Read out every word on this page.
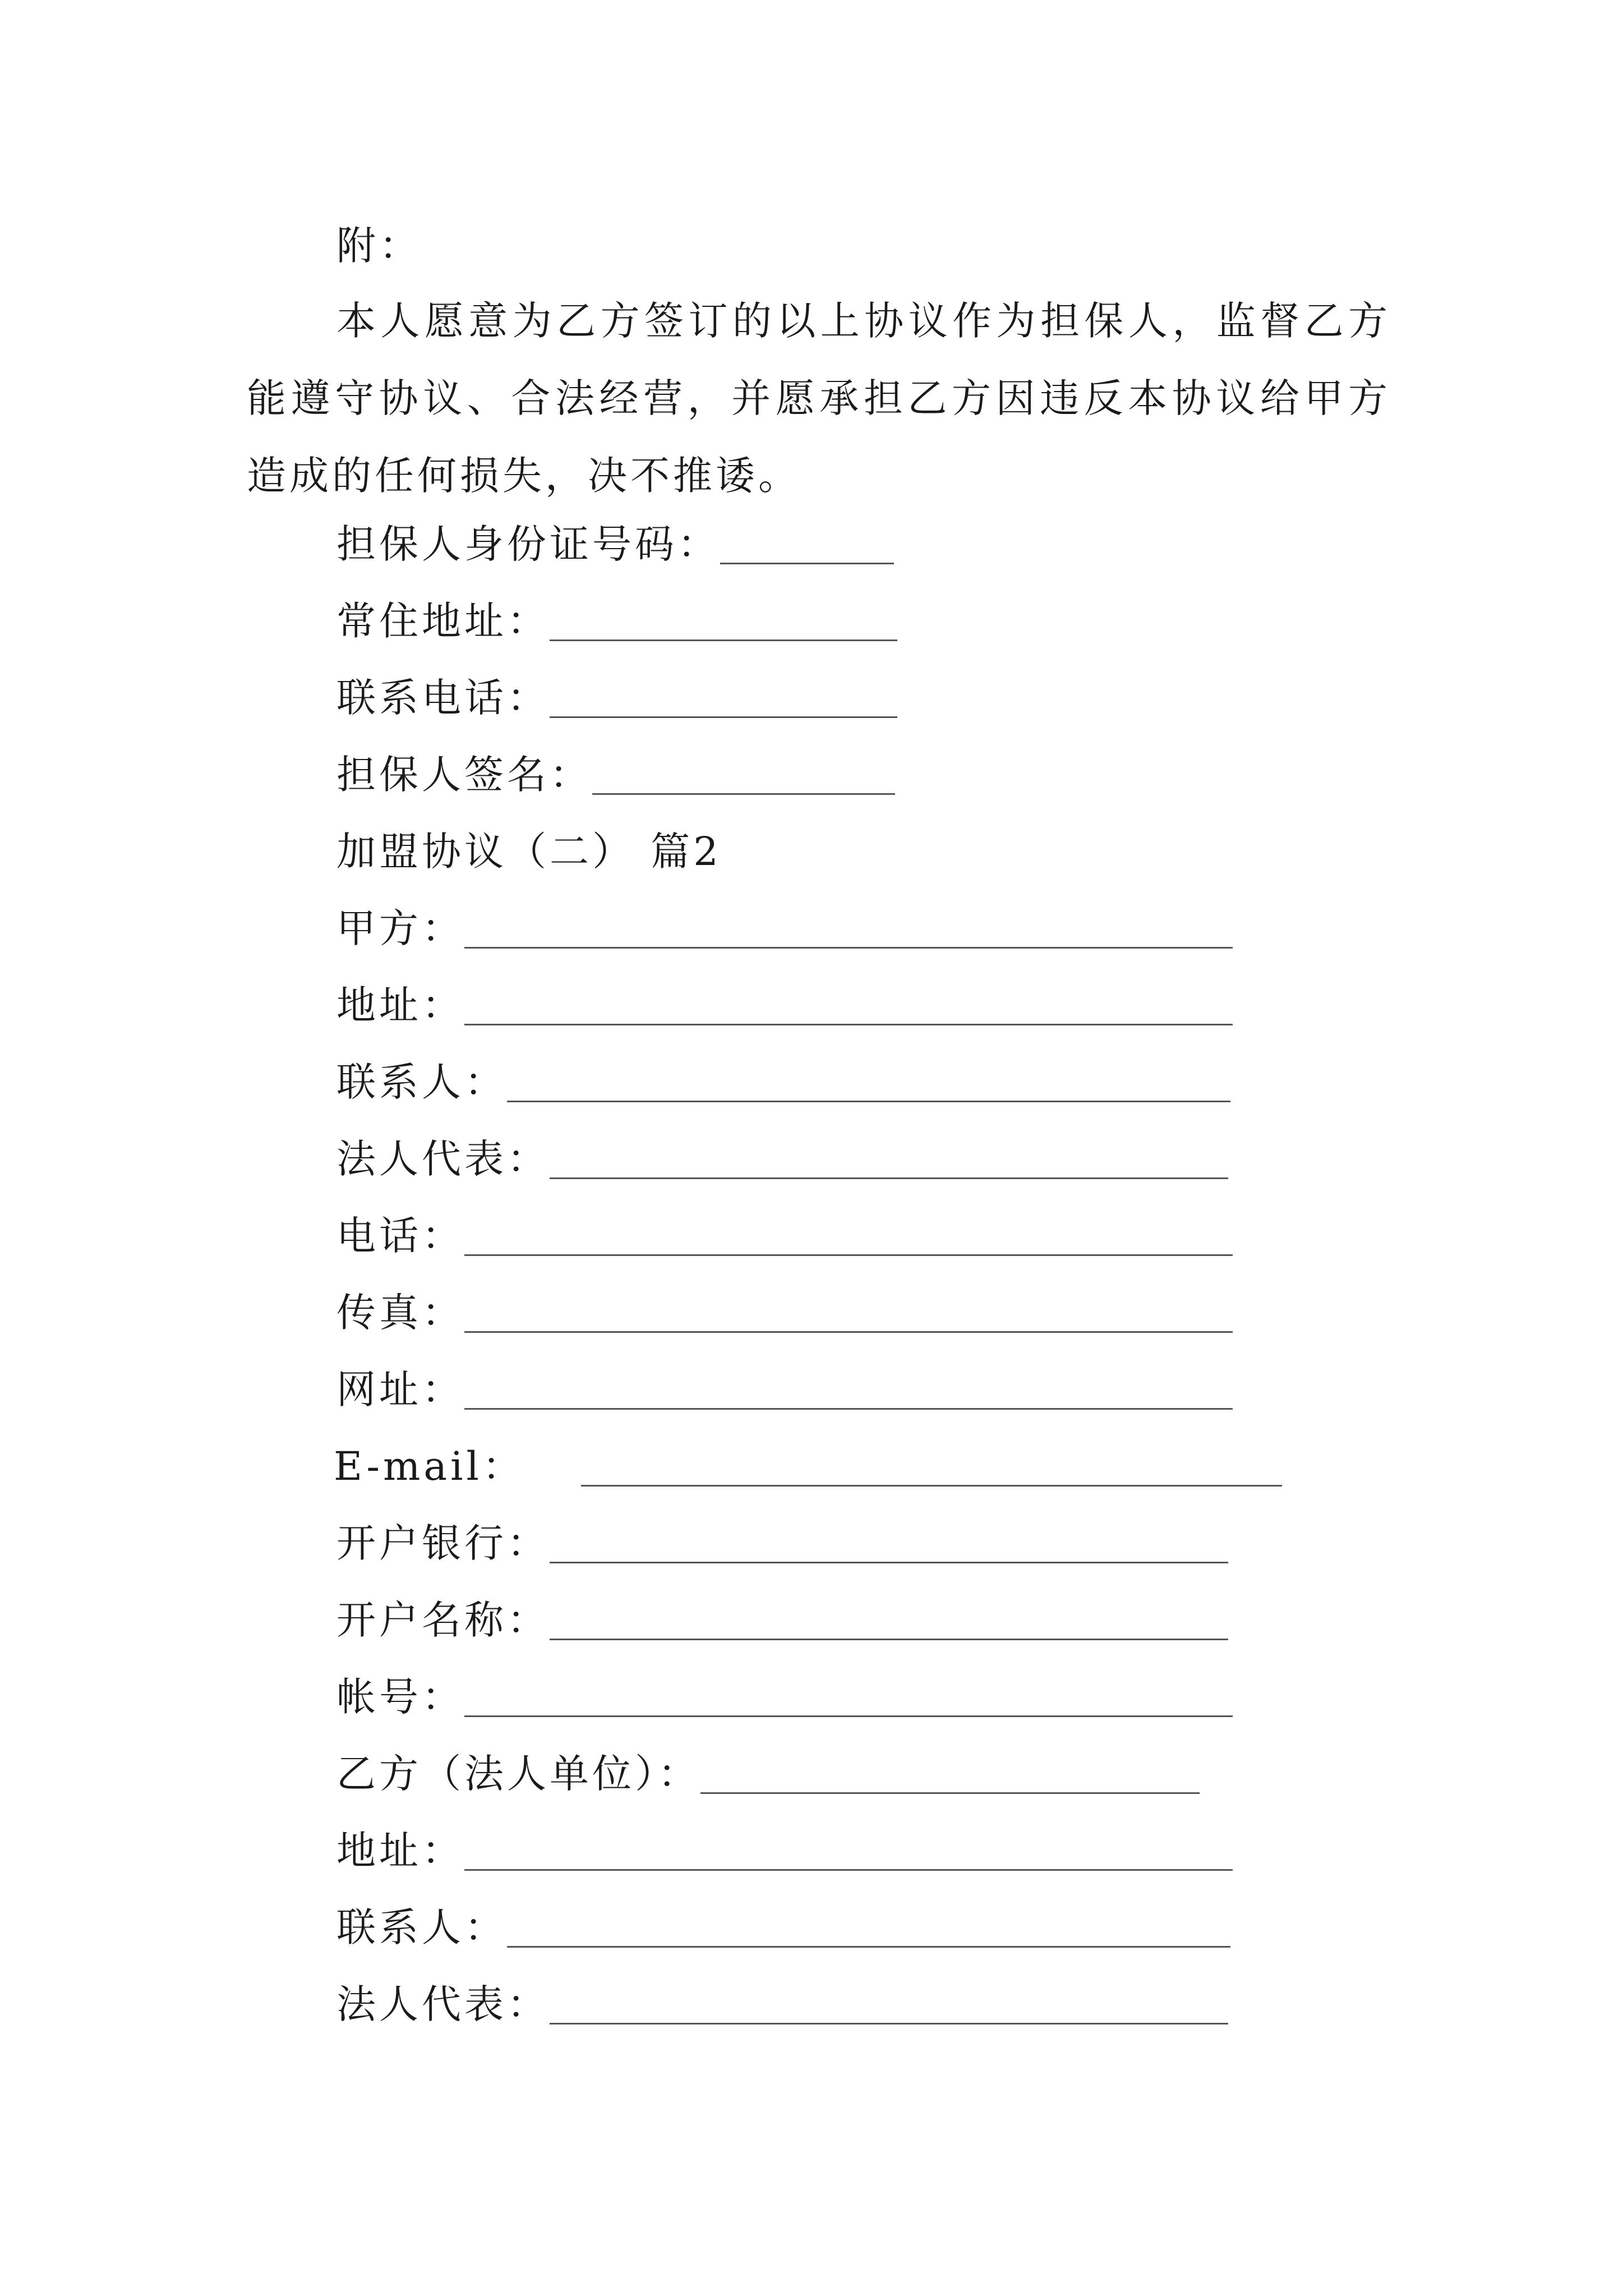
附：
本人愿意为乙方签订的以上协议作为担保人，监督乙方能遵守协议、合法经营，并愿承担乙方因违反本协议给甲方造成的任何损失，决不推诿。
担保人身份证号码：
常住地址：
联系电话：
担保人签名：
加盟协议（二） 篇2
甲方：
地址：
联系人：
法人代表：
电话：
传真：
网址：
E-mail：
开户银行：
开户名称：
帐号：
乙方（法人单位）：
地址：
联系人：
法人代表：
